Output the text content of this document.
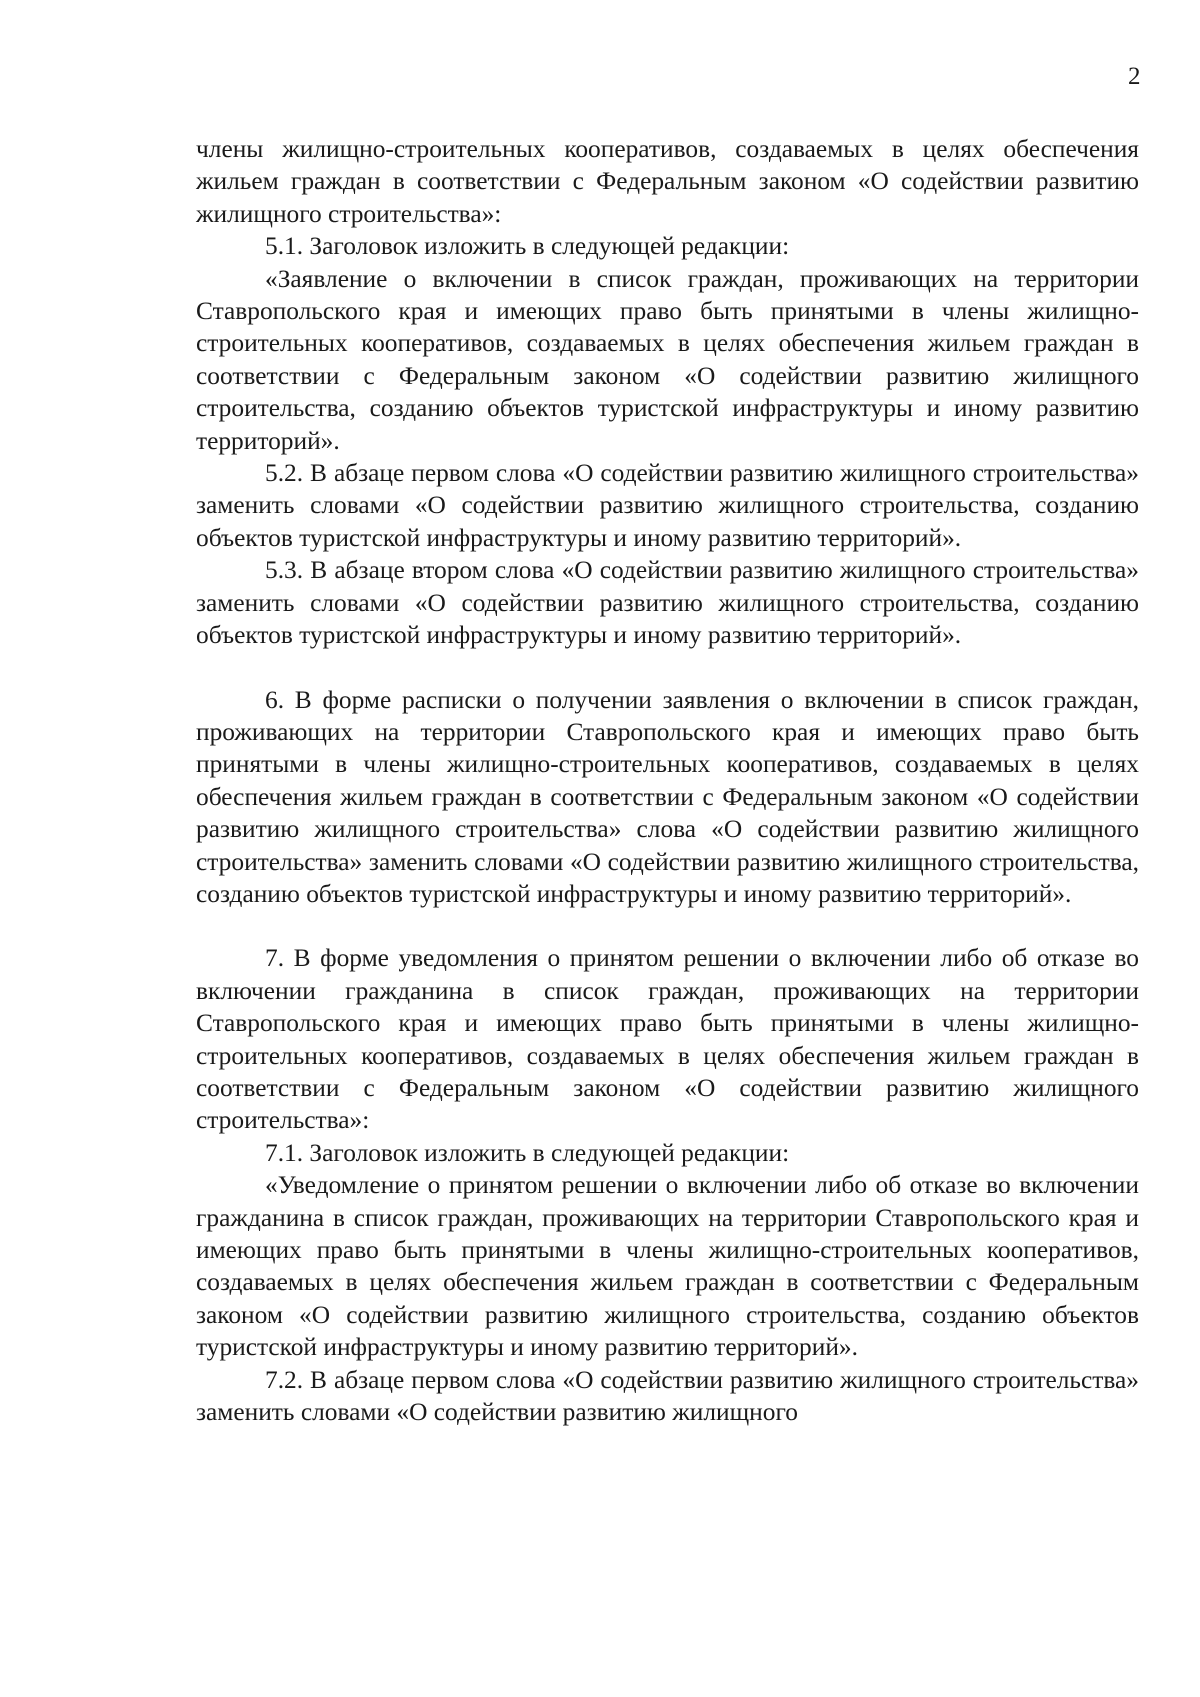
2

члены жилищно-строительных кооперативов, создаваемых в целях обеспечения жильем граждан в соответствии с Федеральным законом «О содействии развитию жилищного строительства»:

5.1. Заголовок изложить в следующей редакции:

«Заявление о включении в список граждан, проживающих на территории Ставропольского края и имеющих право быть принятыми в члены жилищно-строительных кооперативов, создаваемых в целях обеспечения жильем граждан в соответствии с Федеральным законом «О содействии развитию жилищного строительства, созданию объектов туристской инфраструктуры и иному развитию территорий».

5.2. В абзаце первом слова «О содействии развитию жилищного строительства» заменить словами «О содействии развитию жилищного строительства, созданию объектов туристской инфраструктуры и иному развитию территорий».

5.3. В абзаце втором слова «О содействии развитию жилищного строительства» заменить словами «О содействии развитию жилищного строительства, созданию объектов туристской инфраструктуры и иному развитию территорий».

6. В форме расписки о получении заявления о включении в список граждан, проживающих на территории Ставропольского края и имеющих право быть принятыми в члены жилищно-строительных кооперативов, создаваемых в целях обеспечения жильем граждан в соответствии с Федеральным законом «О содействии развитию жилищного строительства» слова «О содействии развитию жилищного строительства» заменить словами «О содействии развитию жилищного строительства, созданию объектов туристской инфраструктуры и иному развитию территорий».

7. В форме уведомления о принятом решении о включении либо об отказе во включении гражданина в список граждан, проживающих на территории Ставропольского края и имеющих право быть принятыми в члены жилищно-строительных кооперативов, создаваемых в целях обеспечения жильем граждан в соответствии с Федеральным законом «О содействии развитию жилищного строительства»:

7.1. Заголовок изложить в следующей редакции:

«Уведомление о принятом решении о включении либо об отказе во включении гражданина в список граждан, проживающих на территории Ставропольского края и имеющих право быть принятыми в члены жилищно-строительных кооперативов, создаваемых в целях обеспечения жильем граждан в соответствии с Федеральным законом «О содействии развитию жилищного строительства, созданию объектов туристской инфраструктуры и иному развитию территорий».

7.2. В абзаце первом слова «О содействии развитию жилищного строительства» заменить словами «О содействии развитию жилищного
